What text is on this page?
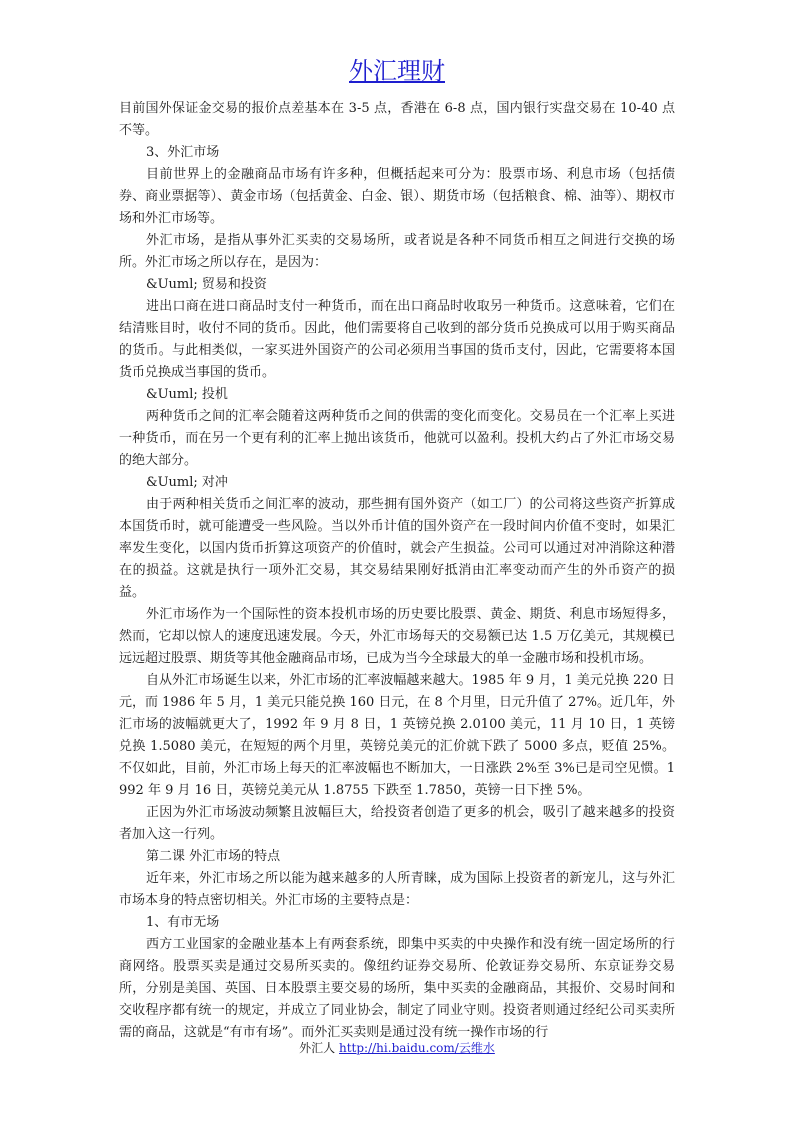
外汇理财

目前国外保证金交易的报价点差基本在 3-5 点，香港在 6-8 点，国内银行实盘交易在 10-40 点不等。

3、外汇市场

目前世界上的金融商品市场有许多种，但概括起来可分为：股票市场、利息市场（包括债券、商业票据等）、黄金市场（包括黄金、白金、银）、期货市场（包括粮食、棉、油等）、期权市场和外汇市场等。

外汇市场，是指从事外汇买卖的交易场所，或者说是各种不同货币相互之间进行交换的场所。外汇市场之所以存在，是因为：

&Uuml; 贸易和投资

进出口商在进口商品时支付一种货币，而在出口商品时收取另一种货币。这意味着，它们在结清账目时，收付不同的货币。因此，他们需要将自己收到的部分货币兑换成可以用于购买商品的货币。与此相类似，一家买进外国资产的公司必须用当事国的货币支付，因此，它需要将本国货币兑换成当事国的货币。

&Uuml; 投机

两种货币之间的汇率会随着这两种货币之间的供需的变化而变化。交易员在一个汇率上买进一种货币，而在另一个更有利的汇率上抛出该货币，他就可以盈利。投机大约占了外汇市场交易的绝大部分。

&Uuml; 对冲

由于两种相关货币之间汇率的波动，那些拥有国外资产（如工厂）的公司将这些资产折算成本国货币时，就可能遭受一些风险。当以外币计值的国外资产在一段时间内价值不变时，如果汇率发生变化，以国内货币折算这项资产的价值时，就会产生损益。公司可以通过对冲消除这种潜在的损益。这就是执行一项外汇交易，其交易结果刚好抵消由汇率变动而产生的外币资产的损益。

外汇市场作为一个国际性的资本投机市场的历史要比股票、黄金、期货、利息市场短得多，然而，它却以惊人的速度迅速发展。今天，外汇市场每天的交易额已达 1.5 万亿美元，其规模已远远超过股票、期货等其他金融商品市场，已成为当今全球最大的单一金融市场和投机市场。

自从外汇市场诞生以来，外汇市场的汇率波幅越来越大。1985 年 9 月，1 美元兑换 220 日元，而 1986 年 5 月，1 美元只能兑换 160 日元，在 8 个月里，日元升值了 27%。近几年，外汇市场的波幅就更大了，1992 年 9 月 8 日，1 英镑兑换 2.0100 美元，11 月 10 日，1 英镑兑换 1.5080 美元，在短短的两个月里，英镑兑美元的汇价就下跌了 5000 多点，贬值 25%。不仅如此，目前，外汇市场上每天的汇率波幅也不断加大，一日涨跌 2%至 3%已是司空见惯。1992 年 9 月 16 日，英镑兑美元从 1.8755 下跌至 1.7850，英镑一日下挫 5%。

正因为外汇市场波动频繁且波幅巨大，给投资者创造了更多的机会，吸引了越来越多的投资者加入这一行列。

第二课 外汇市场的特点

近年来，外汇市场之所以能为越来越多的人所青睐，成为国际上投资者的新宠儿，这与外汇市场本身的特点密切相关。外汇市场的主要特点是：

1、有市无场

西方工业国家的金融业基本上有两套系统，即集中买卖的中央操作和没有统一固定场所的行商网络。股票买卖是通过交易所买卖的。像纽约证券交易所、伦敦证券交易所、东京证券交易所，分别是美国、英国、日本股票主要交易的场所，集中买卖的金融商品，其报价、交易时间和交收程序都有统一的规定，并成立了同业协会，制定了同业守则。投资者则通过经纪公司买卖所需的商品，这就是“有市有场”。而外汇买卖则是通过没有统一操作市场的行

外汇人 http://hi.baidu.com/云维水
